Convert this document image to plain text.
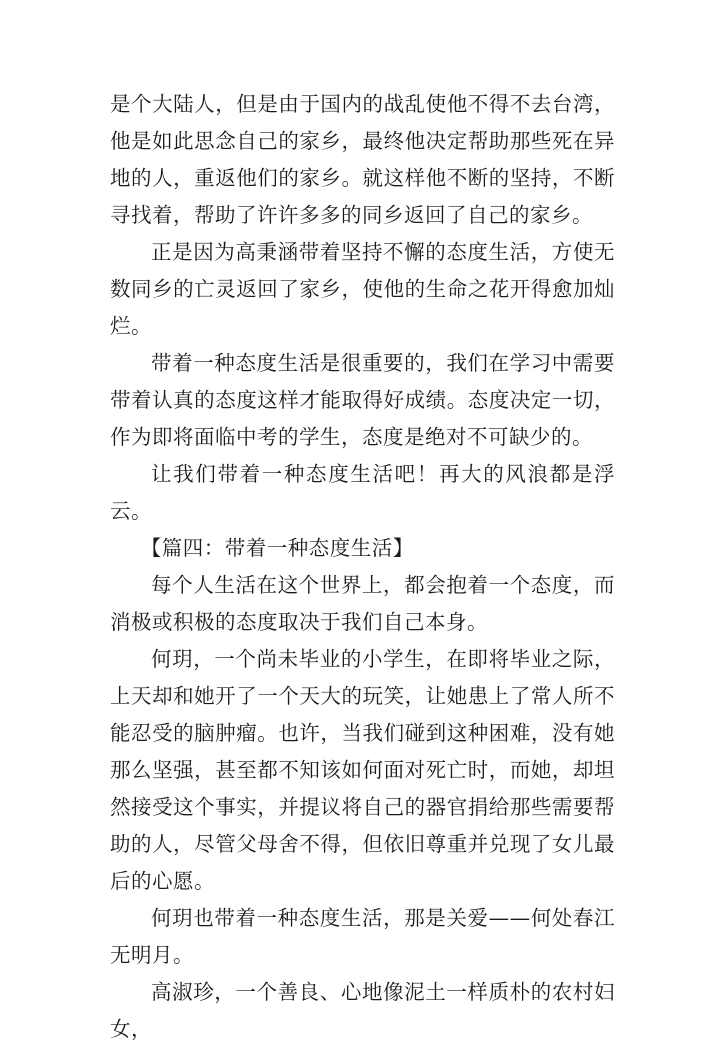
是个大陆人，但是由于国内的战乱使他不得不去台湾，他是如此思念自己的家乡，最终他决定帮助那些死在异地的人，重返他们的家乡。就这样他不断的坚持，不断寻找着，帮助了许许多多的同乡返回了自己的家乡。

正是因为高秉涵带着坚持不懈的态度生活，方使无数同乡的亡灵返回了家乡，使他的生命之花开得愈加灿烂。

带着一种态度生活是很重要的，我们在学习中需要带着认真的态度这样才能取得好成绩。态度决定一切，作为即将面临中考的学生，态度是绝对不可缺少的。

让我们带着一种态度生活吧！再大的风浪都是浮云。

【篇四：带着一种态度生活】

每个人生活在这个世界上，都会抱着一个态度，而消极或积极的态度取决于我们自己本身。

何玥，一个尚未毕业的小学生，在即将毕业之际，上天却和她开了一个天大的玩笑，让她患上了常人所不能忍受的脑肿瘤。也许，当我们碰到这种困难，没有她那么坚强，甚至都不知该如何面对死亡时，而她，却坦然接受这个事实，并提议将自己的器官捐给那些需要帮助的人，尽管父母舍不得，但依旧尊重并兑现了女儿最后的心愿。

何玥也带着一种态度生活，那是关爱——何处春江无明月。

高淑珍，一个善良、心地像泥土一样质朴的农村妇女，
